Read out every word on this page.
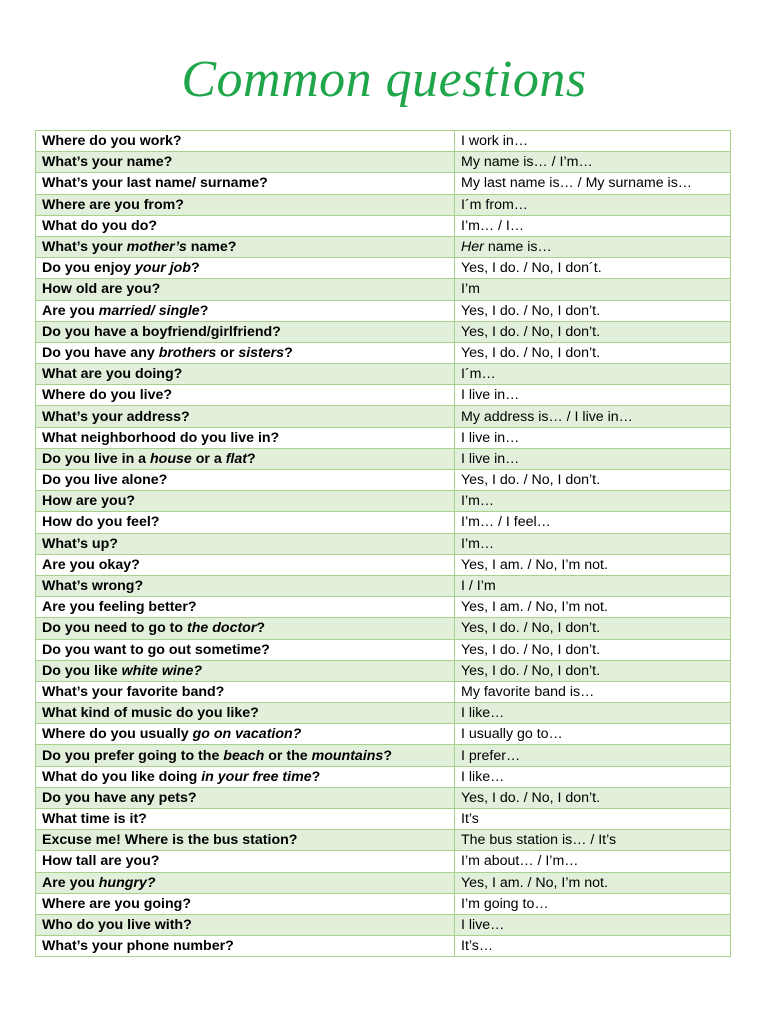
Common questions
Where do you work?	I work in…
What’s your name?	My name is… / I’m…
What’s your last name/ surname?	My last name is… / My surname is…
Where are you from?	I´m from…
What do you do?	I’m… / I…
What’s your mother’s name?	Her name is…
Do you enjoy your job?	Yes, I do. / No, I don´t.
How old are you?	I’m
Are you married/ single?	Yes, I do. / No, I don’t.
Do you have a boyfriend/girlfriend?	Yes, I do. / No, I don’t.
Do you have any brothers or sisters?	Yes, I do. / No, I don’t.
What are you doing?	I´m…
Where do you live?	I live in…
What’s your address?	My address is… / I live in…
What neighborhood do you live in?	I live in…
Do you live in a house or a flat?	I live in…
Do you live alone?	Yes, I do. / No, I don’t.
How are you?	I’m…
How do you feel?	I’m… / I feel…
What’s up?	I’m…
Are you okay?	Yes, I am. / No, I’m not.
What’s wrong?	I / I’m
Are you feeling better?	Yes, I am. / No, I’m not.
Do you need to go to the doctor?	Yes, I do. / No, I don’t.
Do you want to go out sometime?	Yes, I do. / No, I don’t.
Do you like white wine?	Yes, I do. / No, I don’t.
What’s your favorite band?	My favorite band is…
What kind of music do you like?	I like…
Where do you usually go on vacation?	I usually go to…
Do you prefer going to the beach or the mountains?	I prefer…
What do you like doing in your free time?	I like…
Do you have any pets?	Yes, I do. / No, I don’t.
What time is it?	It’s
Excuse me! Where is the bus station?	The bus station is… / It’s
How tall are you?	I’m about… / I’m…
Are you hungry?	Yes, I am. / No, I’m not.
Where are you going?	I’m going to…
Who do you live with?	I live…
What’s your phone number?	It’s…
